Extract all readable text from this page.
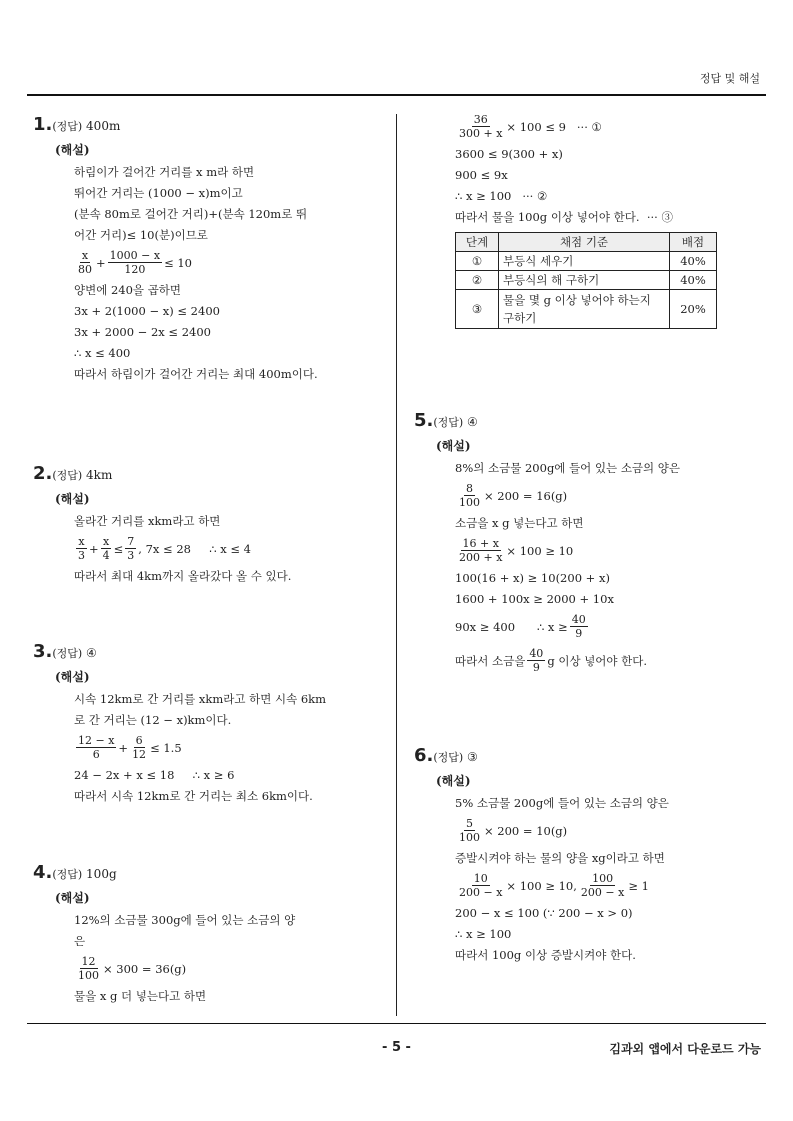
정답 및 해설
1.(정답) 400m
(해설)
하림이가 걸어간 거리를 x m라 하면
뛰어간 거리는 (1000 − x)m이고
(분속 80m로 걸어간 거리)+(분속 120m로 뛰
어간 거리)≤ 10(분)이므로
x
$80 + \frac{1000 - x}{120} \le 10$
양변에 240을 곱하면
3x + 2(1000 − x) ≤ 2400
3x + 2000 − 2x ≤ 2400
∴ x ≤ 400
따라서 하림이가 걸어간 거리는 최대 400m이다.
2.(정답) 4km
(해설)
올라간 거리를 xkm라고 하면
x
$3 + \frac{x}{4} \le \frac{7}{3}$ , 7x ≤ 28     ∴ x ≤ 4
따라서 최대 4km까지 올라갔다 올 수 있다.
3.(정답) ④
(해설)
시속 12km로 간 거리를 xkm라고 하면 시속 6km
로 간 거리는 (12 − x)km이다.
12 − x
$6 + \frac{6}{12} \le 1.5$
24 − 2x + x ≤ 18     ∴ x ≥ 6
따라서 시속 12km로 간 거리는 최소 6km이다.
4.(정답) 100g
(해설)
12%의 소금물 300g에 들어 있는 소금의 양
은
$\frac{12}{100} \times 300 = 36(g)$
물을 x g 더 넣는다고 하면
$\frac{36}{300 + x} \times 100 \le 9$   ··· ①
3600 ≤ 9(300 + x)
900 ≤ 9x
∴ x ≥ 100   ··· ②
따라서 물을 100g 이상 넣어야 한다.  ··· ③
단계	채점 기준	배점
①	부등식 세우기	40%
②	부등식의 해 구하기	40%
③	물을 몇 g 이상 넣어야 하는지 구하기	20%
5.(정답) ④
(해설)
8%의 소금물 200g에 들어 있는 소금의 양은
$\frac{8}{100} \times 200 = 16(g)$
소금을 x g 넣는다고 하면
$\frac{16 + x}{200 + x} \times 100 \ge 10$
100(16 + x) ≥ 10(200 + x)
1600 + 100x ≥ 2000 + 10x
90x ≥ 400      ∴ $x \ge \frac{40}{9}$
따라서 소금을
40
9 g 이상 넣어야 한다.
6.(정답) ③
(해설)
5% 소금물 200g에 들어 있는 소금의 양은
$\frac{5}{100} \times 200 = 10(g)$
증발시켜야 하는 물의 양을 xg이라고 하면
$\frac{10}{200 - x} \times 100 \ge 10$, $\frac{100}{200 - x} \ge 1$
200 − x ≤ 100 (∵ 200 − x > 0)
∴ x ≥ 100
따라서 100g 이상 증발시켜야 한다.
- 5 -	김과외 앱에서 다운로드 가능
